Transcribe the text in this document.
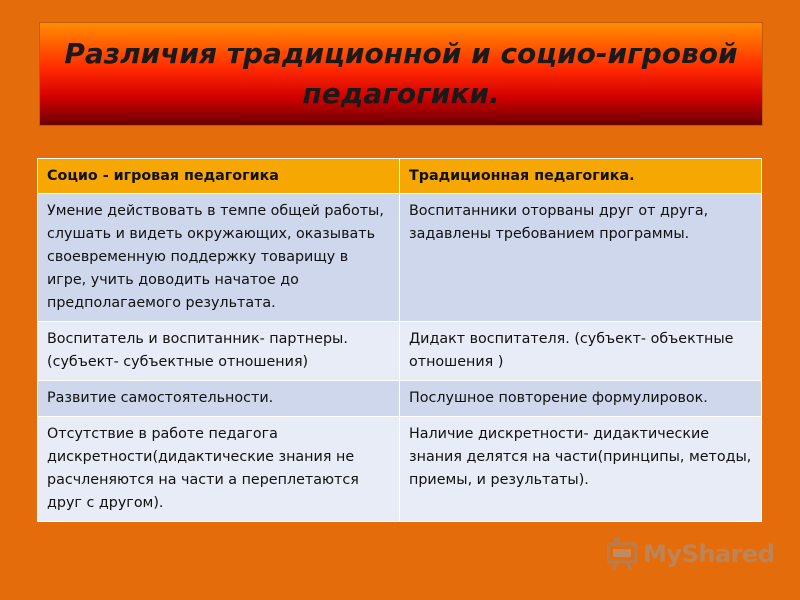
Различия традиционной и социо-игровой
педагогики.
Социо - игровая педагогика	Традиционная педагогика.
Умение действовать в темпе общей работы, слушать и видеть окружающих, оказывать своевременную поддержку товарищу в игре, учить доводить начатое до предполагаемого результата.	Воспитанники оторваны друг от друга, задавлены требованием программы.
Воспитатель и воспитанник- партнеры.(субъект- субъектные отношения)	Дидакт воспитателя. (субъект- объектные отношения )
Развитие самостоятельности.	Послушное повторение формулировок.
Отсутствие в работе педагога дискретности(дидактические знания не расчленяются на части а переплетаются друг с другом).	Наличие дискретности- дидактические знания делятся на части(принципы, методы, приемы, и результаты).
MyShared
